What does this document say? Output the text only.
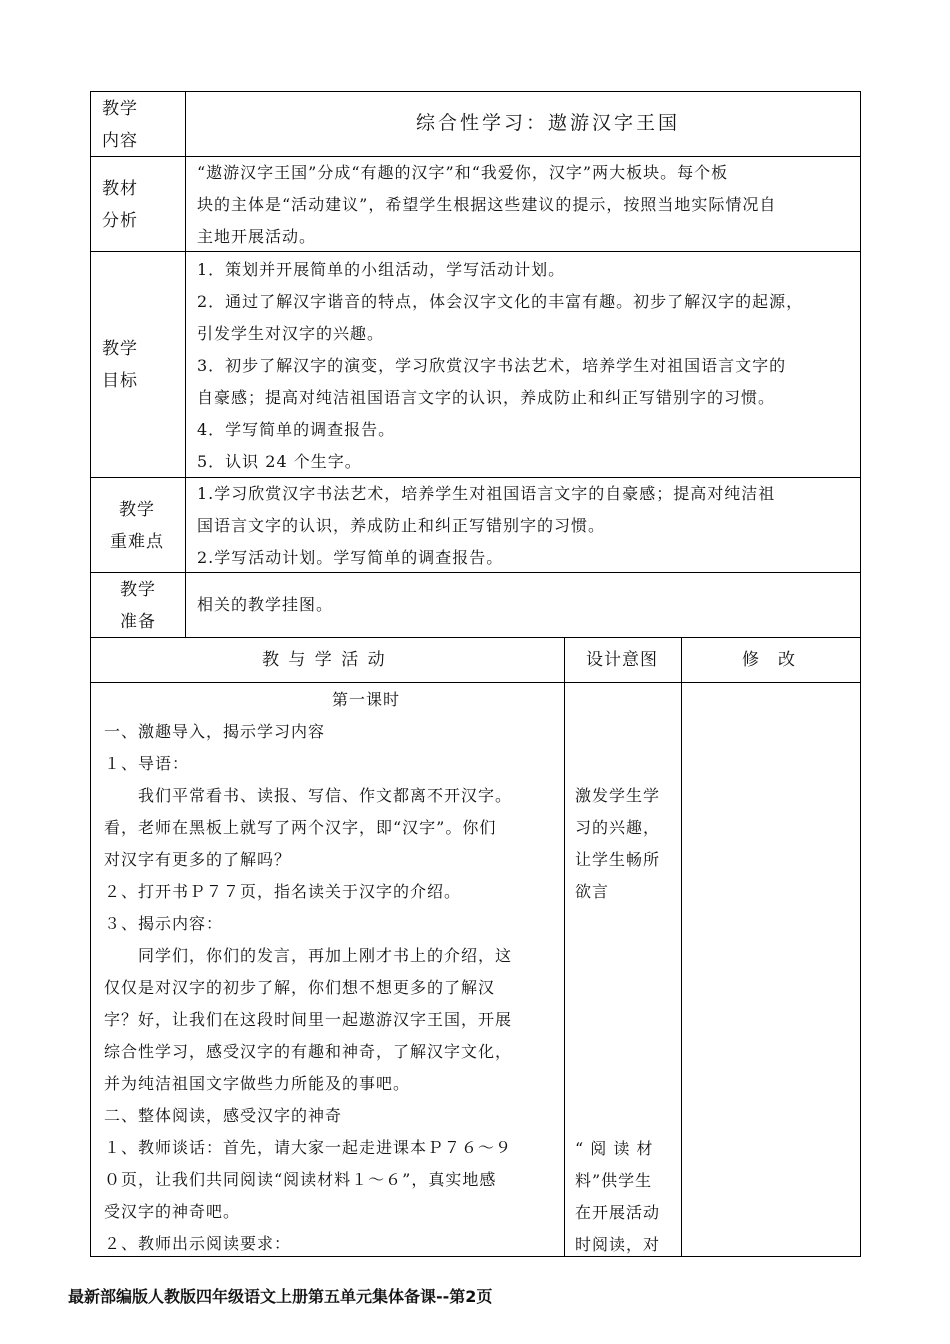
教学
内容
综合性学习：遨游汉字王国
教材
分析
“遨游汉字王国”分成“有趣的汉字”和“我爱你，汉字”两大板块。每个板
块的主体是“活动建议”，希望学生根据这些建议的提示，按照当地实际情况自
主地开展活动。
教学
目标
1．策划并开展简单的小组活动，学写活动计划。
2．通过了解汉字谐音的特点，体会汉字文化的丰富有趣。初步了解汉字的起源，
引发学生对汉字的兴趣。
3．初步了解汉字的演变，学习欣赏汉字书法艺术，培养学生对祖国语言文字的
自豪感；提高对纯洁祖国语言文字的认识，养成防止和纠正写错别字的习惯。
4．学写简单的调查报告。
5．认识 24 个生字。
教学
重难点
1.学习欣赏汉字书法艺术，培养学生对祖国语言文字的自豪感；提高对纯洁祖
国语言文字的认识，养成防止和纠正写错别字的习惯。
2.学写活动计划。学写简单的调查报告。
教学
准备
相关的教学挂图。
教 与 学 活 动	设计意图	修　改
第一课时
一、激趣导入，揭示学习内容
１、导语：
　　我们平常看书、读报、写信、作文都离不开汉字。
看，老师在黑板上就写了两个汉字，即“汉字”。你们
对汉字有更多的了解吗？
２、打开书Ｐ７７页，指名读关于汉字的介绍。
３、揭示内容：
　　同学们，你们的发言，再加上刚才书上的介绍，这
仅仅是对汉字的初步了解，你们想不想更多的了解汉
字？好，让我们在这段时间里一起遨游汉字王国，开展
综合性学习，感受汉字的有趣和神奇，了解汉字文化，
并为纯洁祖国文字做些力所能及的事吧。
二、整体阅读，感受汉字的神奇
１、教师谈话：首先，请大家一起走进课本Ｐ７６～９
０页，让我们共同阅读“阅读材料１～６”，真实地感
受汉字的神奇吧。
２、教师出示阅读要求：
激发学生学
习的兴趣，
让学生畅所
欲言
“ 阅 读 材
料”供学生
在开展活动
时阅读，对
最新部编版人教版四年级语文上册第五单元集体备课--第2页
